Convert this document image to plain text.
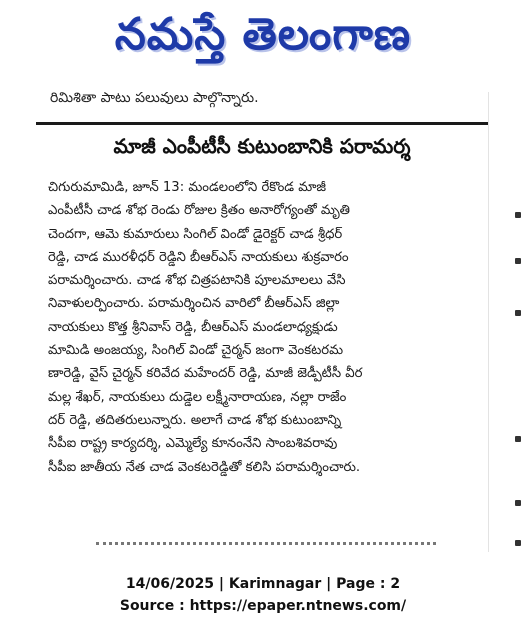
నమస్తే తెలంగాణ
రిమిశితా పాటు పలువులు పాల్గొన్నారు.
మాజీ ఎంపీటీసీ కుటుంబానికి పరామర్శ
చిగురుమామిడి, జూన్ 13: మండలంలోని రేకొండ మాజీ
ఎంపీటీసీ చాడ శోభ రెండు రోజుల క్రితం అనారోగ్యంతో మృతి
చెందగా, ఆమె కుమారులు సింగిల్ విండో డైరెక్టర్ చాడ శ్రీధర్
రెడ్డి, చాడ మురళీధర్ రెడ్డిని బీఆర్ఎస్ నాయకులు శుక్రవారం
పరామర్శించారు. చాడ శోభ చిత్రపటానికి పూలమాలలు వేసి
నివాళులర్పించారు. పరామర్శించిన వారిలో బీఆర్ఎస్ జిల్లా
నాయకులు కొత్త శ్రీనివాస్ రెడ్డి, బీఆర్ఎస్ మండలాధ్యక్షుడు
మామిడి అంజయ్య, సింగిల్ విండో చైర్మన్ జంగా వెంకటరమ
ణారెడ్డి, వైస్ చైర్మన్ కరివేద మహేందర్ రెడ్డి, మాజీ జెడ్పీటీసీ వీర
మల్ల శేఖర్, నాయకులు దుడ్డెల లక్ష్మీనారాయణ, నల్లా రాజేం
దర్ రెడ్డి, తదితరులున్నారు. అలాగే చాడ శోభ కుటుంబాన్ని
సీపీఐ రాష్ట్ర కార్యదర్శి, ఎమ్మెల్యే కూనంనేని సాంబశివరావు
సీపీఐ జాతీయ నేత చాడ వెంకటరెడ్డితో కలిసి పరామర్శించారు.
14/06/2025 | Karimnagar | Page : 2
Source : https://epaper.ntnews.com/
